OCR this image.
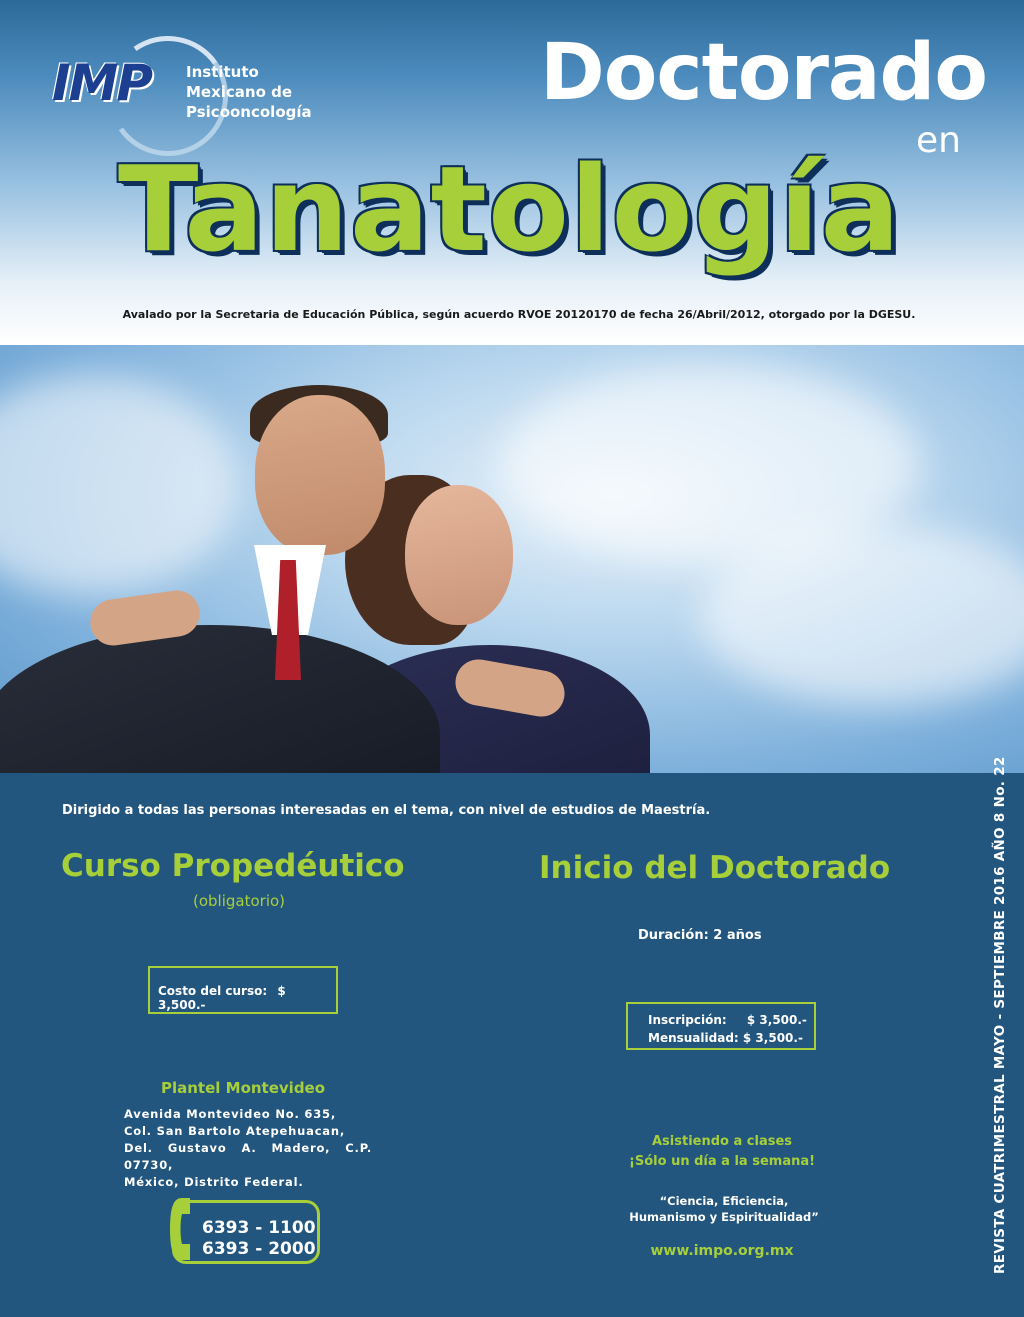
IMP Instituto
Mexicano de
Psicooncología	Doctorado
en
Tanatología
Avalado por la Secretaria de Educación Pública, según acuerdo RVOE 20120170 de fecha 26/Abril/2012, otorgado por la DGESU.
Dirigido a todas las personas interesadas en el tema, con nivel de estudios de Maestría.
Curso Propedéutico
(obligatorio)
Inicio del Doctorado
Duración: 2 años
Costo del curso: $ 3,500.-
Inscripción: $ 3,500.-
Mensualidad: $ 3,500.-
Plantel Montevideo
Avenida Montevideo No. 635,
Col. San Bartolo Atepehuacan,
Del. Gustavo A. Madero, C.P. 07730,
México, Distrito Federal.
6393 - 1100
6393 - 2000
Asistiendo a clases
¡Sólo un día a la semana!
“Ciencia, Eficiencia,
Humanismo y Espiritualidad”
www.impo.org.mx	REVISTA CUATRIMESTRAL MAYO - SEPTIEMBRE 2016 AÑO 8 No. 22
